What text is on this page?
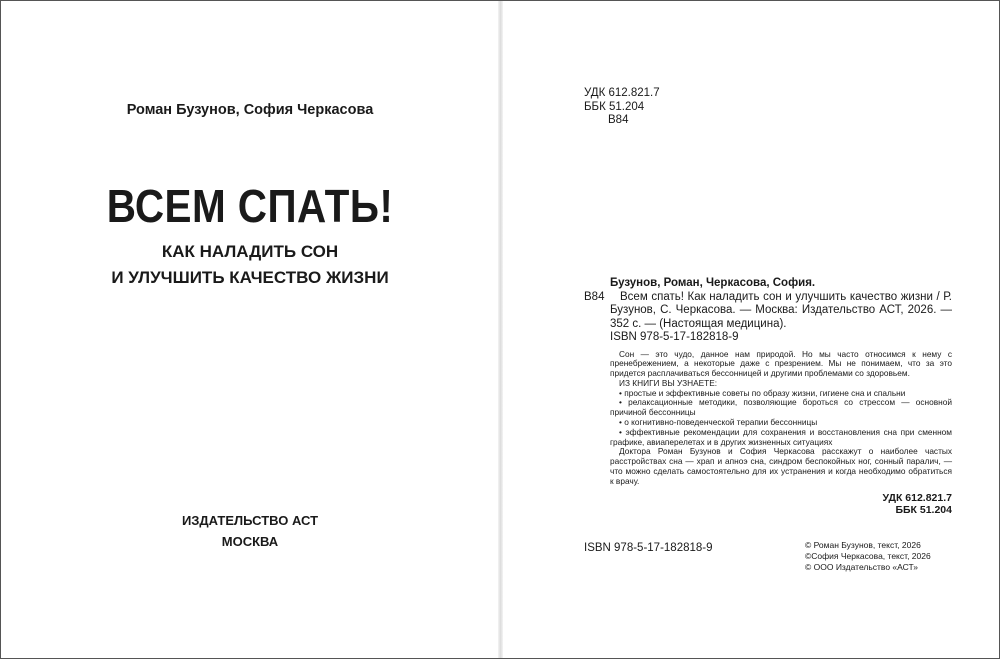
Роман Бузунов, София Черкасова
ВСЕМ СПАТЬ!
КАК НАЛАДИТЬ СОН
И УЛУЧШИТЬ КАЧЕСТВО ЖИЗНИ
ИЗДАТЕЛЬСТВО АСТ
МОСКВА
УДК 612.821.7
ББК 51.204
В84
Бузунов, Роман, Черкасова, София.
В84	Всем спать! Как наладить сон и улучшить качество жизни / Р. Бузунов, С. Черкасова. — Москва: Издательство АСТ, 2026. — 352 с. — (Настоящая медицина).
ISBN 978-5-17-182818-9

Сон — это чудо, данное нам природой. Но мы часто относимся к нему с пренебрежением, а некоторые даже с презрением. Мы не понимаем, что за это придется расплачиваться бессонницей и другими проблемами со здоровьем.

ИЗ КНИГИ ВЫ УЗНАЕТЕ:

• простые и эффективные советы по образу жизни, гигиене сна и спальни

• релаксационные методики, позволяющие бороться со стрессом — основной причиной бессонницы

• о когнитивно-поведенческой терапии бессонницы

• эффективные рекомендации для сохранения и восстановления сна при сменном графике, авиаперелетах и в других жизненных ситуациях

Доктора Роман Бузунов и София Черкасова расскажут о наиболее частых расстройствах сна — храп и апноэ сна, синдром беспокойных ног, сонный паралич, — что можно сделать самостоятельно для их устранения и когда необходимо обратиться к врачу.

УДК 612.821.7
ББК 51.204
ISBN 978-5-17-182818-9	© Роман Бузунов, текст, 2026
©София Черкасова, текст, 2026
© ООО Издательство «АСТ»
